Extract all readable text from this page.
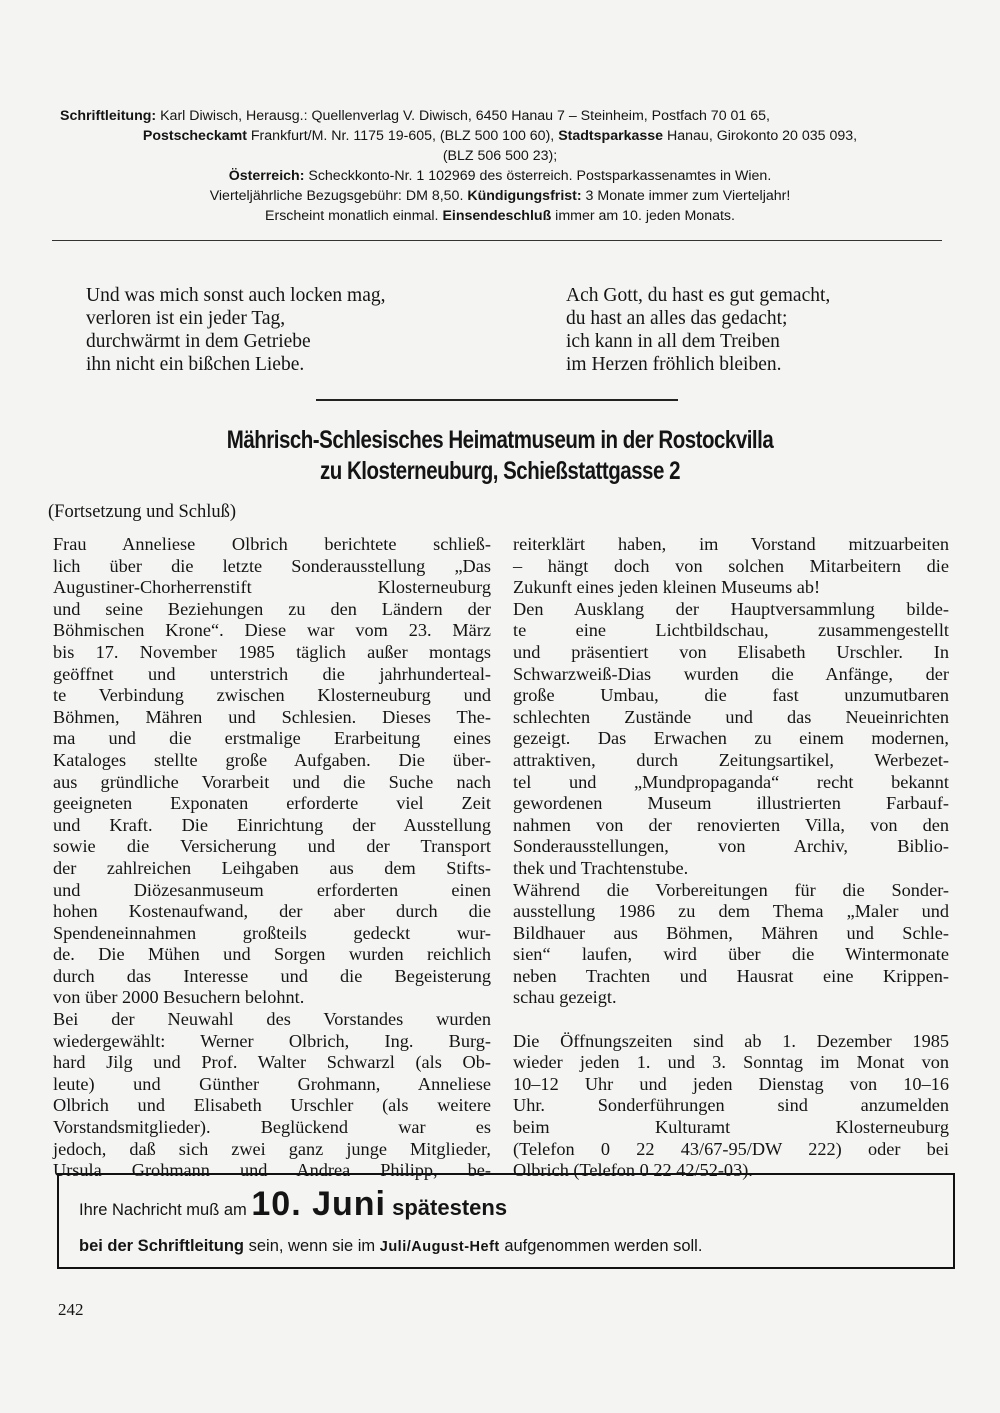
Schriftleitung: Karl Diwisch, Herausg.: Quellenverlag V. Diwisch, 6450 Hanau 7 – Steinheim, Postfach 70 01 65,
Postscheckamt Frankfurt/M. Nr. 1175 19-605, (BLZ 500 100 60), Stadtsparkasse Hanau, Girokonto 20 035 093,
(BLZ 506 500 23);
Österreich: Scheckkonto-Nr. 1 102969 des österreich. Postsparkassenamtes in Wien.
Vierteljährliche Bezugsgebühr: DM 8,50. Kündigungsfrist: 3 Monate immer zum Vierteljahr!
Erscheint monatlich einmal. Einsendeschluß immer am 10. jeden Monats.
Und was mich sonst auch locken mag,
verloren ist ein jeder Tag,
durchwärmt in dem Getriebe
ihn nicht ein bißchen Liebe.
Ach Gott, du hast es gut gemacht,
du hast an alles das gedacht;
ich kann in all dem Treiben
im Herzen fröhlich bleiben.
Mährisch-Schlesisches Heimatmuseum in der Rostockvilla
zu Klosterneuburg, Schießstattgasse 2
(Fortsetzung und Schluß)
Frau Anneliese Olbrich berichtete schließ-
lich über die letzte Sonderausstellung „Das
Augustiner-Chorherrenstift Klosterneuburg
und seine Beziehungen zu den Ländern der
Böhmischen Krone“. Diese war vom 23. März
bis 17. November 1985 täglich außer montags
geöffnet und unterstrich die jahrhunderteal-
te Verbindung zwischen Klosterneuburg und
Böhmen, Mähren und Schlesien. Dieses The-
ma und die erstmalige Erarbeitung eines
Kataloges stellte große Aufgaben. Die über-
aus gründliche Vorarbeit und die Suche nach
geeigneten Exponaten erforderte viel Zeit
und Kraft. Die Einrichtung der Ausstellung
sowie die Versicherung und der Transport
der zahlreichen Leihgaben aus dem Stifts-
und Diözesanmuseum erforderten einen
hohen Kostenaufwand, der aber durch die
Spendeneinnahmen großteils gedeckt wur-
de. Die Mühen und Sorgen wurden reichlich
durch das Interesse und die Begeisterung
von über 2000 Besuchern belohnt.
Bei der Neuwahl des Vorstandes wurden
wiedergewählt: Werner Olbrich, Ing. Burg-
hard Jilg und Prof. Walter Schwarzl (als Ob-
leute) und Günther Grohmann, Anneliese
Olbrich und Elisabeth Urschler (als weitere
Vorstandsmitglieder). Beglückend war es
jedoch, daß sich zwei ganz junge Mitglieder,
Ursula Grohmann und Andrea Philipp, be-
reiterklärt haben, im Vorstand mitzuarbeiten
– hängt doch von solchen Mitarbeitern die
Zukunft eines jeden kleinen Museums ab!
Den Ausklang der Hauptversammlung bilde-
te eine Lichtbildschau, zusammengestellt
und präsentiert von Elisabeth Urschler. In
Schwarzweiß-Dias wurden die Anfänge, der
große Umbau, die fast unzumutbaren
schlechten Zustände und das Neueinrichten
gezeigt. Das Erwachen zu einem modernen,
attraktiven, durch Zeitungsartikel, Werbezet-
tel und „Mundpropaganda“ recht bekannt
gewordenen Museum illustrierten Farbauf-
nahmen von der renovierten Villa, von den
Sonderausstellungen, von Archiv, Biblio-
thek und Trachtenstube.
Während die Vorbereitungen für die Sonder-
ausstellung 1986 zu dem Thema „Maler und
Bildhauer aus Böhmen, Mähren und Schle-
sien“ laufen, wird über die Wintermonate
neben Trachten und Hausrat eine Krippen-
schau gezeigt.
Die Öffnungszeiten sind ab 1. Dezember 1985
wieder jeden 1. und 3. Sonntag im Monat von
10–12 Uhr und jeden Dienstag von 10–16
Uhr. Sonderführungen sind anzumelden
beim Kulturamt Klosterneuburg
(Telefon 0 22 43/67-95/DW 222) oder bei
Olbrich (Telefon 0 22 42/52-03).
Ihre Nachricht muß am 10. Juni spätestens
bei der Schriftleitung sein, wenn sie im Juli/August-Heft aufgenommen werden soll.
242
